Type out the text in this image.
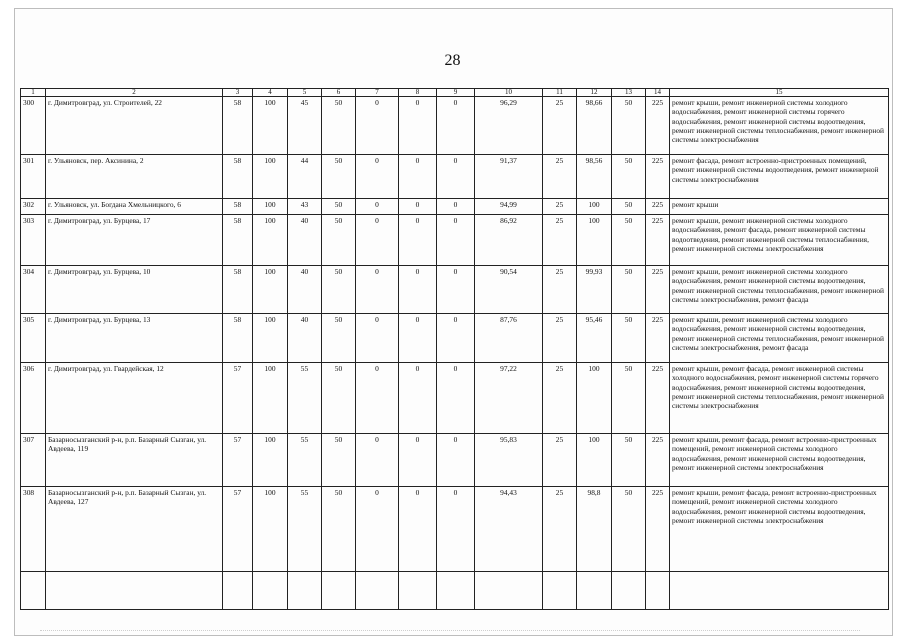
28
1	2	3	4	5	6	7	8	9	10	11	12	13	14	15
300	г. Димитровград, ул. Строителей, 22	58	100	45	50	0	0	0	96,29	25	98,66	50	225	ремонт крыши, ремонт инженерной системы холодного водоснабжения, ремонт инженерной системы горячего водоснабжения, ремонт инженерной системы водоотведения, ремонт инженерной системы теплоснабжения, ремонт инженерной системы электроснабжения
301	г. Ульяновск, пер. Аксинина, 2	58	100	44	50	0	0	0	91,37	25	98,56	50	225	ремонт фасада, ремонт встроенно-пристроенных помещений, ремонт инженерной системы водоотведения, ремонт инженерной системы электроснабжения
302	г. Ульяновск, ул. Богдана Хмельницкого, 6	58	100	43	50	0	0	0	94,99	25	100	50	225	ремонт крыши
303	г. Димитровград, ул. Бурцева, 17	58	100	40	50	0	0	0	86,92	25	100	50	225	ремонт крыши, ремонт инженерной системы холодного водоснабжения, ремонт фасада, ремонт инженерной системы водоотведения, ремонт инженерной системы теплоснабжения, ремонт инженерной системы электроснабжения
304	г. Димитровград, ул. Бурцева, 10	58	100	40	50	0	0	0	90,54	25	99,93	50	225	ремонт крыши, ремонт инженерной системы холодного водоснабжения, ремонт инженерной системы водоотведения, ремонт инженерной системы теплоснабжения, ремонт инженерной системы электроснабжения, ремонт фасада
305	г. Димитровград, ул. Бурцева, 13	58	100	40	50	0	0	0	87,76	25	95,46	50	225	ремонт крыши, ремонт инженерной системы холодного водоснабжения, ремонт инженерной системы водоотведения, ремонт инженерной системы теплоснабжения, ремонт инженерной системы электроснабжения, ремонт фасада
306	г. Димитровград, ул. Гвардейская, 12	57	100	55	50	0	0	0	97,22	25	100	50	225	ремонт крыши, ремонт фасада, ремонт инженерной системы холодного водоснабжения, ремонт инженерной системы горячего водоснабжения, ремонт инженерной системы водоотведения, ремонт инженерной системы теплоснабжения, ремонт инженерной системы электроснабжения
307	Базарносызганский р-н, р.п. Базарный Сызган, ул. Авдеева, 119	57	100	55	50	0	0	0	95,83	25	100	50	225	ремонт крыши, ремонт фасада, ремонт встроенно-пристроенных помещений, ремонт инженерной системы холодного водоснабжения, ремонт инженерной системы водоотведения, ремонт инженерной системы электроснабжения
308	Базарносызганский р-н, р.п. Базарный Сызган, ул. Авдеева, 127	57	100	55	50	0	0	0	94,43	25	98,8	50	225	ремонт крыши, ремонт фасада, ремонт встроенно-пристроенных помещений, ремонт инженерной системы холодного водоснабжения, ремонт инженерной системы водоотведения, ремонт инженерной системы электроснабжения
